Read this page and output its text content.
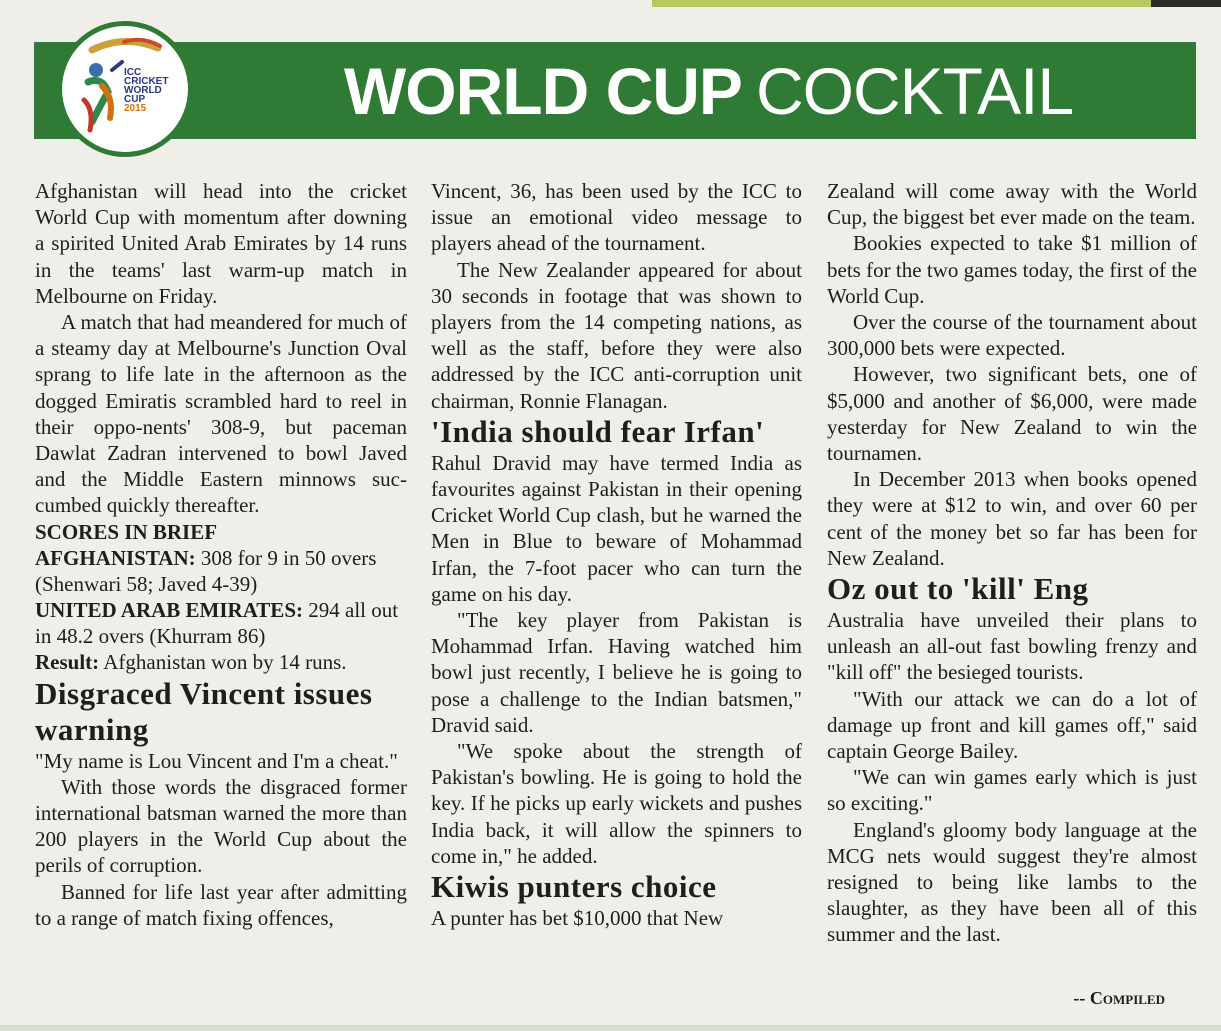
WORLD CUP COCKTAIL
ICC
CRICKET
WORLD
CUP
2015

Afghanistan will head into the cricket World Cup with momentum after downing a spirited United Arab Emirates by 14 runs in the teams' last warm-up match in Melbourne on Friday.

A match that had meandered for much of a steamy day at Melbourne's Junction Oval sprang to life late in the afternoon as the dogged Emiratis scrambled hard to reel in their oppo-nents' 308-9, but paceman Dawlat Zadran intervened to bowl Javed and the Middle Eastern minnows suc-cumbed quickly thereafter.

SCORES IN BRIEF

AFGHANISTAN: 308 for 9 in 50 overs (Shenwari 58; Javed 4-39)

UNITED ARAB EMIRATES: 294 all out in 48.2 overs (Khurram 86)

Result: Afghanistan won by 14 runs.

Disgraced Vincent issues warning

"My name is Lou Vincent and I'm a cheat."

With those words the disgraced former international batsman warned the more than 200 players in the World Cup about the perils of corruption.

Banned for life last year after admitting to a range of match fixing offences,

Vincent, 36, has been used by the ICC to issue an emotional video message to players ahead of the tournament.

The New Zealander appeared for about 30 seconds in footage that was shown to players from the 14 competing nations, as well as the staff, before they were also addressed by the ICC anti-corruption unit chairman, Ronnie Flanagan.

'India should fear Irfan'

Rahul Dravid may have termed India as favourites against Pakistan in their opening Cricket World Cup clash, but he warned the Men in Blue to beware of Mohammad Irfan, the 7-foot pacer who can turn the game on his day.

"The key player from Pakistan is Mohammad Irfan. Having watched him bowl just recently, I believe he is going to pose a challenge to the Indian batsmen," Dravid said.

"We spoke about the strength of Pakistan's bowling. He is going to hold the key. If he picks up early wickets and pushes India back, it will allow the spinners to come in," he added.

Kiwis punters choice

A punter has bet $10,000 that New

Zealand will come away with the World Cup, the biggest bet ever made on the team.

Bookies expected to take $1 million of bets for the two games today, the first of the World Cup.

Over the course of the tournament about 300,000 bets were expected.

However, two significant bets, one of $5,000 and another of $6,000, were made yesterday for New Zealand to win the tournamen.

In December 2013 when books opened they were at $12 to win, and over 60 per cent of the money bet so far has been for New Zealand.

Oz out to 'kill' Eng

Australia have unveiled their plans to unleash an all-out fast bowling frenzy and "kill off" the besieged tourists.

"With our attack we can do a lot of damage up front and kill games off," said captain George Bailey.

"We can win games early which is just so exciting."

England's gloomy body language at the MCG nets would suggest they're almost resigned to being like lambs to the slaughter, as they have been all of this summer and the last.

-- Compiled
